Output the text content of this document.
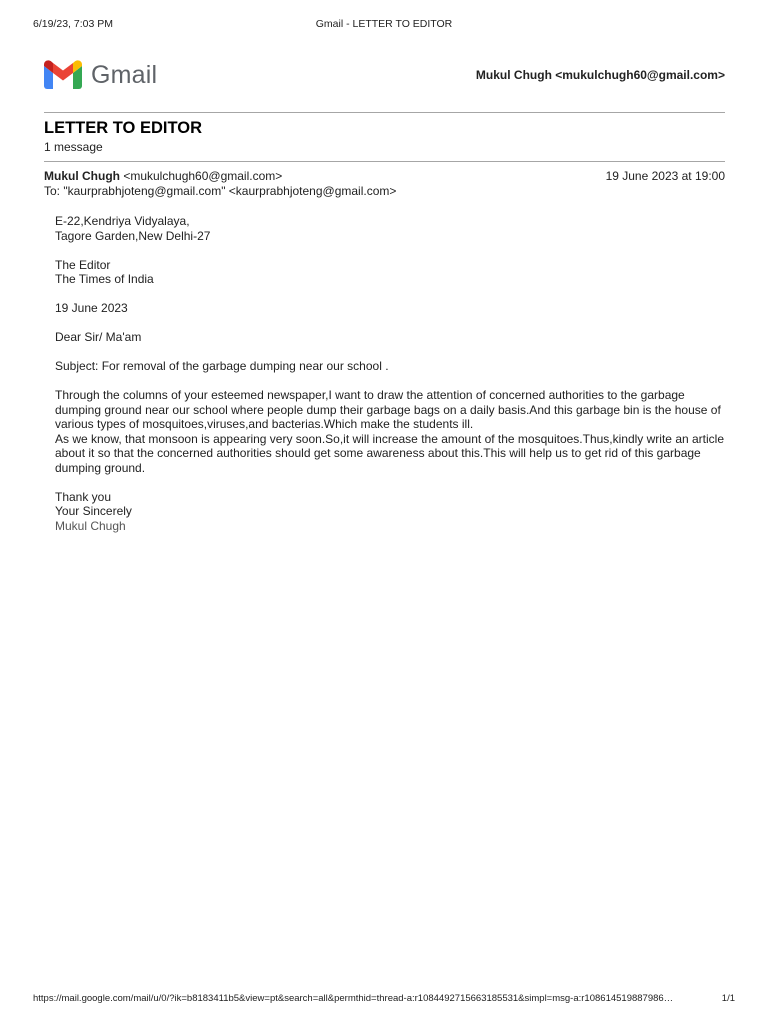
6/19/23, 7:03 PM	Gmail - LETTER TO EDITOR
Gmail	Mukul Chugh <mukulchugh60@gmail.com>
LETTER TO EDITOR
1 message
Mukul Chugh <mukulchugh60@gmail.com>	19 June 2023 at 19:00
To: "kaurprabhjoteng@gmail.com" <kaurprabhjoteng@gmail.com>

E-22,Kendriya Vidyalaya,
Tagore Garden,New Delhi-27

The Editor
The Times of India

19 June 2023

Dear Sir/ Ma'am

Subject: For removal of the garbage dumping near our school .

Through the columns of your esteemed newspaper,I want to draw the attention of concerned authorities to the garbage dumping ground near our school where people dump their garbage bags on a daily basis.And this garbage bin is the house of various types of mosquitoes,viruses,and bacterias.Which make the students ill.
As we know, that monsoon is appearing very soon.So,it will increase the amount of the mosquitoes.Thus,kindly write an article about it so that the concerned authorities should get some awareness about this.This will help us to get rid of this garbage dumping ground.

Thank you
Your Sincerely
Mukul Chugh

https://mail.google.com/mail/u/0/?ik=b8183411b5&view=pt&search=all&permthid=thread-a:r1084492715663185531&simpl=msg-a:r108614519887986…	1/1
